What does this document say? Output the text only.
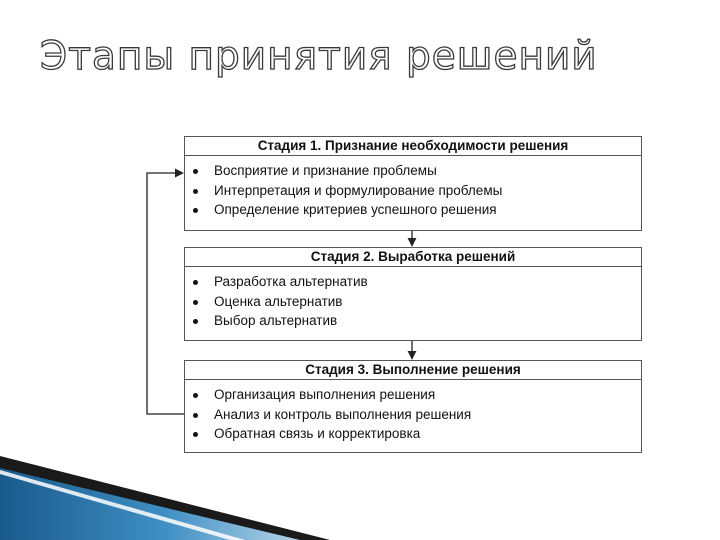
Этапы принятия решений
Стадия 1. Признание необходимости решения
Восприятие и признание проблемы
Интерпретация и формулирование проблемы
Определение критериев успешного решения
Стадия 2. Выработка решений
Разработка альтернатив
Оценка альтернатив
Выбор альтернатив
Стадия 3. Выполнение решения
Организация выполнения решения
Анализ и контроль выполнения решения
Обратная связь и корректировка
